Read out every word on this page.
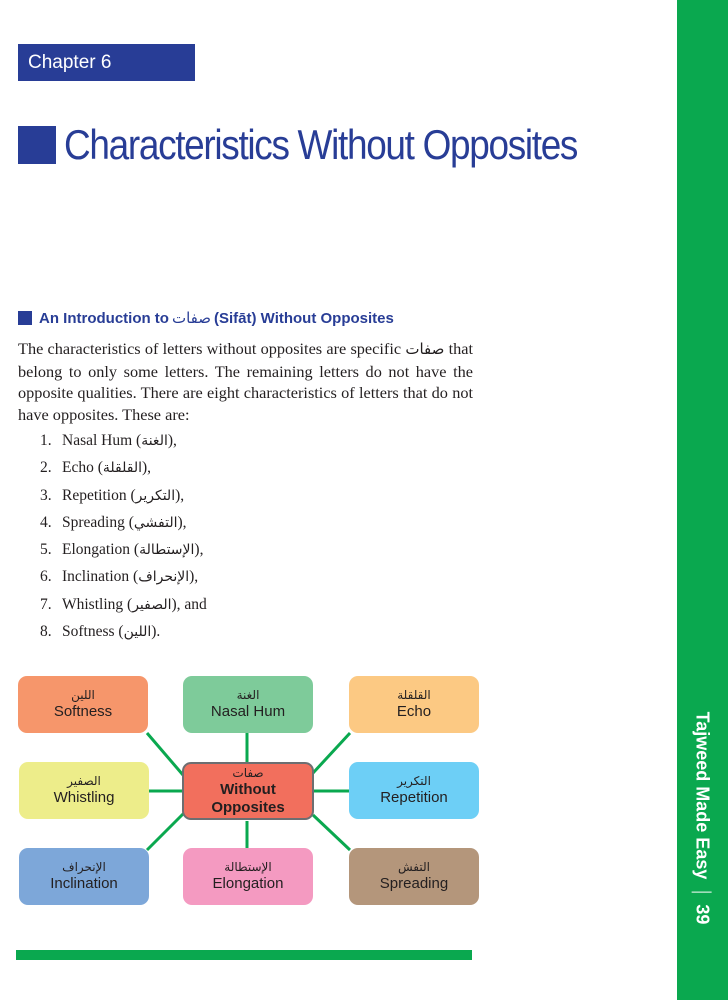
Chapter 6
Characteristics Without Opposites
An Introduction to صفات (Sifāt) Without Opposites

The characteristics of letters without opposites are specific صفات that belong to only some letters. The remaining letters do not have the opposite qualities. There are eight characteristics of letters that do not have opposites. These are:

1. Nasal Hum (الغنة),
2. Echo (القلقلة),
3. Repetition (التكرير),
4. Spreading (التفشي),
5. Elongation (الإستطالة),
6. Inclination (الإنحراف),
7. Whistling (الصفير), and
8. Softness (اللين).
اللين
Softness
الغنة
Nasal Hum
القلقلة
Echo
الصفير
Whistling
صفات
Without
Opposites
التكرير
Repetition
الإنحراف
Inclination
الإستطالة
Elongation
التفش
Spreading
Tajweed Made Easy39
